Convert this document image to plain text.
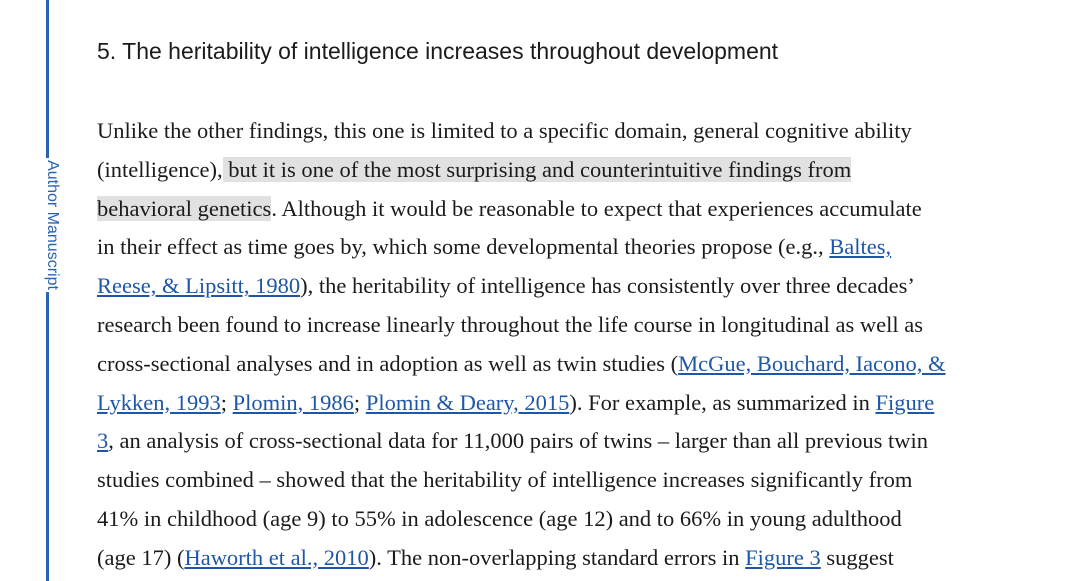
Author Manuscript
5. The heritability of intelligence increases throughout development
Unlike the other findings, this one is limited to a specific domain, general cognitive ability
(intelligence), but it is one of the most surprising and counterintuitive findings from
behavioral genetics. Although it would be reasonable to expect that experiences accumulate
in their effect as time goes by, which some developmental theories propose (e.g., Baltes,
Reese, & Lipsitt, 1980), the heritability of intelligence has consistently over three decades’
research been found to increase linearly throughout the life course in longitudinal as well as
cross-sectional analyses and in adoption as well as twin studies (McGue, Bouchard, Iacono, &
Lykken, 1993; Plomin, 1986; Plomin & Deary, 2015). For example, as summarized in Figure
3, an analysis of cross-sectional data for 11,000 pairs of twins – larger than all previous twin
studies combined – showed that the heritability of intelligence increases significantly from
41% in childhood (age 9) to 55% in adolescence (age 12) and to 66% in young adulthood
(age 17) (Haworth et al., 2010). The non-overlapping standard errors in Figure 3 suggest
